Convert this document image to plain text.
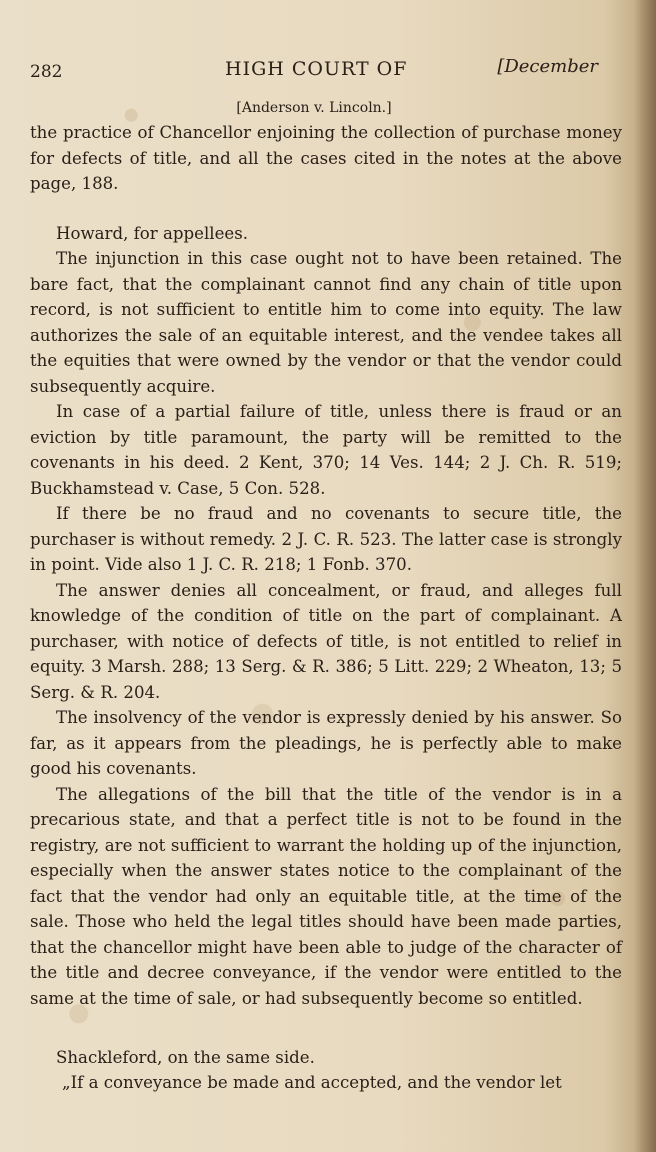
282	HIGH COURT OF	[December
[Anderson v. Lincoln.]

the practice of Chancellor enjoining the collection of purchase money for defects of title, and all the cases cited in the notes at the above page, 188.

Howard, for appellees.

The injunction in this case ought not to have been retained. The bare fact, that the complainant cannot find any chain of title upon record, is not sufficient to entitle him to come into equity. The law authorizes the sale of an equitable interest, and the vendee takes all the equities that were owned by the vendor or that the vendor could subsequently acquire.

In case of a partial failure of title, unless there is fraud or an eviction by title paramount, the party will be remitted to the covenants in his deed. 2 Kent, 370; 14 Ves. 144; 2 J. Ch. R. 519; Buckhamstead v. Case, 5 Con. 528.

If there be no fraud and no covenants to secure title, the purchaser is without remedy. 2 J. C. R. 523. The latter case is strongly in point. Vide also 1 J. C. R. 218; 1 Fonb. 370.

The answer denies all concealment, or fraud, and alleges full knowledge of the condition of title on the part of complainant. A purchaser, with notice of defects of title, is not entitled to relief in equity. 3 Marsh. 288; 13 Serg. & R. 386; 5 Litt. 229; 2 Wheaton, 13; 5 Serg. & R. 204.

The insolvency of the vendor is expressly denied by his answer. So far, as it appears from the pleadings, he is perfectly able to make good his covenants.

The allegations of the bill that the title of the vendor is in a precarious state, and that a perfect title is not to be found in the registry, are not sufficient to warrant the holding up of the injunction, especially when the answer states notice to the complainant of the fact that the vendor had only an equitable title, at the time of the sale. Those who held the legal titles should have been made parties, that the chancellor might have been able to judge of the character of the title and decree conveyance, if the vendor were entitled to the same at the time of sale, or had subsequently become so entitled.

Shackleford, on the same side.
„If a conveyance be made and accepted, and the vendor let
